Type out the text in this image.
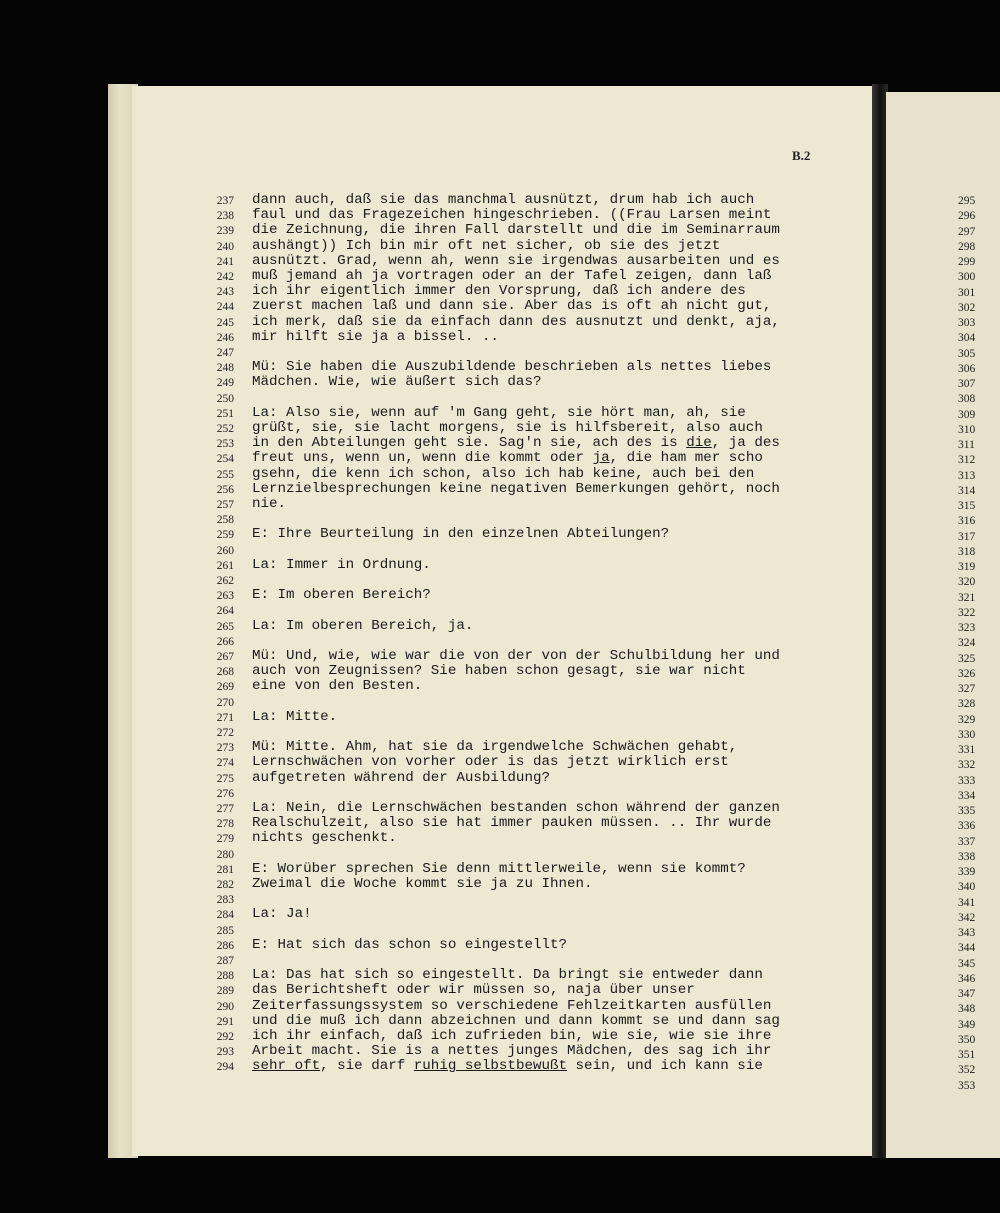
B.2
237 dann auch, daß sie das manchmal ausnützt, drum hab ich auch
238 faul und das Fragezeichen hingeschrieben. ((Frau Larsen meint
239 die Zeichnung, die ihren Fall darstellt und die im Seminarraum
240 aushängt)) Ich bin mir oft net sicher, ob sie des jetzt
241 ausnützt. Grad, wenn ah, wenn sie irgendwas ausarbeiten und es
242 muß jemand ah ja vortragen oder an der Tafel zeigen, dann laß
243 ich ihr eigentlich immer den Vorsprung, daß ich andere des
244 zuerst machen laß und dann sie. Aber das is oft ah nicht gut,
245 ich merk, daß sie da einfach dann des ausnutzt und denkt, aja,
246 mir hilft sie ja a bissel. ..
247
248 Mü: Sie haben die Auszubildende beschrieben als nettes liebes
249 Mädchen. Wie, wie äußert sich das?
250
251 La: Also sie, wenn auf 'm Gang geht, sie hört man, ah, sie
252 grüßt, sie, sie lacht morgens, sie is hilfsbereit, also auch
253 in den Abteilungen geht sie. Sag'n sie, ach des is die, ja des
254 freut uns, wenn un, wenn die kommt oder ja, die ham mer scho
255 gsehn, die kenn ich schon, also ich hab keine, auch bei den
256 Lernzielbesprechungen keine negativen Bemerkungen gehört, noch
257 nie.
258
259 E: Ihre Beurteilung in den einzelnen Abteilungen?
260
261 La: Immer in Ordnung.
262
263 E: Im oberen Bereich?
264
265 La: Im oberen Bereich, ja.
266
267 Mü: Und, wie, wie war die von der von der Schulbildung her und
268 auch von Zeugnissen? Sie haben schon gesagt, sie war nicht
269 eine von den Besten.
270
271 La: Mitte.
272
273 Mü: Mitte. Ahm, hat sie da irgendwelche Schwächen gehabt,
274 Lernschwächen von vorher oder is das jetzt wirklich erst
275 aufgetreten während der Ausbildung?
276
277 La: Nein, die Lernschwächen bestanden schon während der ganzen
278 Realschulzeit, also sie hat immer pauken müssen. .. Ihr wurde
279 nichts geschenkt.
280
281 E: Worüber sprechen Sie denn mittlerweile, wenn sie kommt?
282 Zweimal die Woche kommt sie ja zu Ihnen.
283
284 La: Ja!
285
286 E: Hat sich das schon so eingestellt?
287
288 La: Das hat sich so eingestellt. Da bringt sie entweder dann
289 das Berichtsheft oder wir müssen so, naja über unser
290 Zeiterfassungssystem so verschiedene Fehlzeitkarten ausfüllen
291 und die muß ich dann abzeichnen und dann kommt se und dann sag
292 ich ihr einfach, daß ich zufrieden bin, wie sie, wie sie ihre
293 Arbeit macht. Sie is a nettes junges Mädchen, des sag ich ihr
294 sehr oft, sie darf ruhig selbstbewußt sein, und ich kann sie
295
296
297
298
299
300
301
302
303
304
305
306
307
308
309
310
311
312
313
314
315
316
317
318
319
320
321
322
323
324
325
326
327
328
329
330
331
332
333
334
335
336
337
338
339
340
341
342
343
344
345
346
347
348
349
350
351
352
353
